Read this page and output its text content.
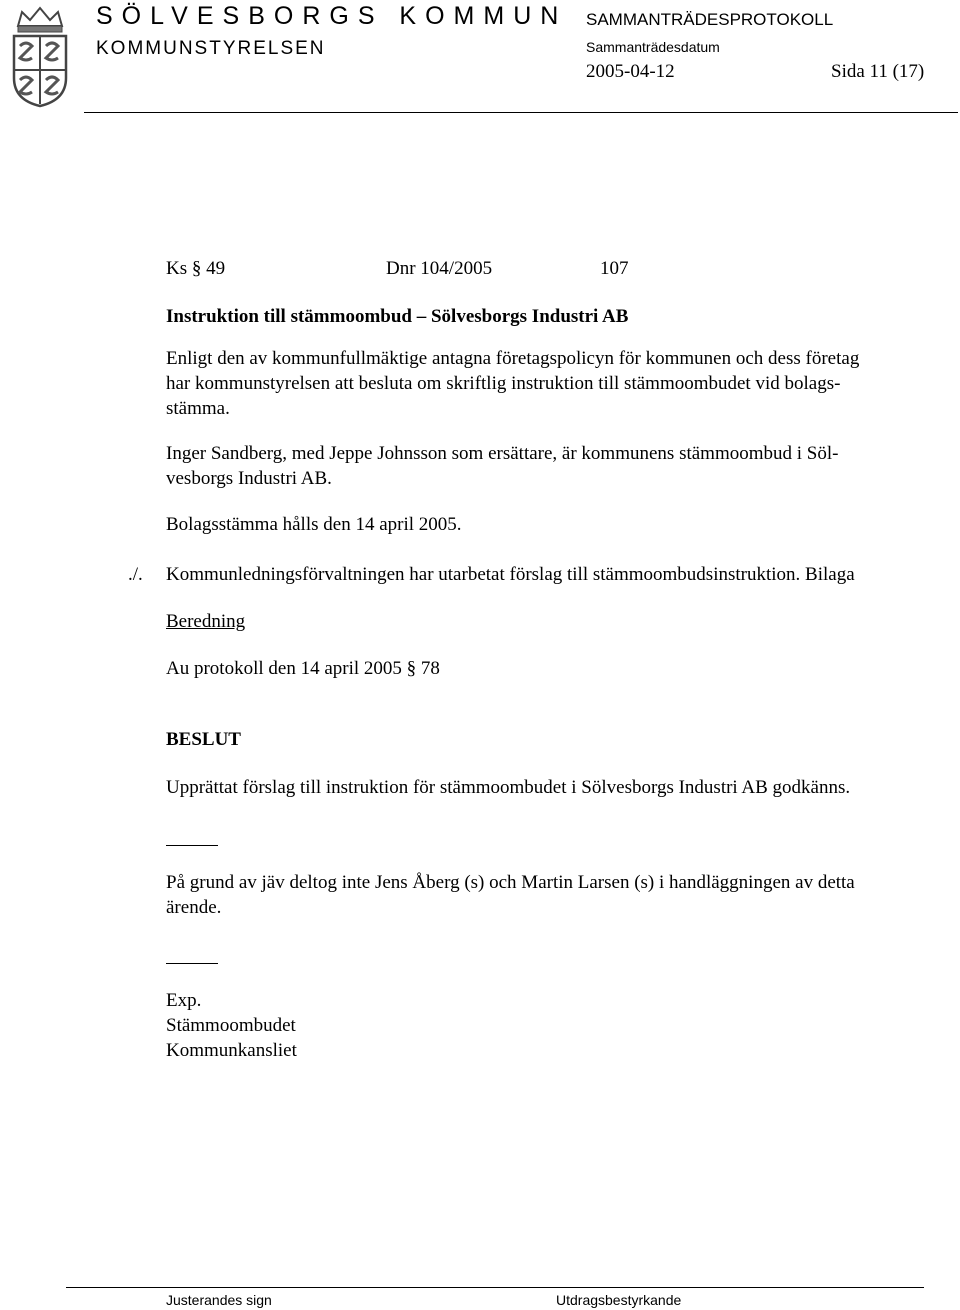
SÖLVESBORGS KOMMUN
KOMMUNSTYRELSEN
SAMMANTRÄDESPROTOKOLL
Sammanträdesdatum
2005-04-12	Sida 11 (17)
Ks § 49	Dnr 104/2005	107
Instruktion till stämmoombud – Sölvesborgs Industri AB
Enligt den av kommunfullmäktige antagna företagspolicyn för kommunen och dess företag
har kommunstyrelsen att besluta om skriftlig instruktion till stämmoombudet vid bolags-
stämma.
Inger Sandberg, med Jeppe Johnsson som ersättare, är kommunens stämmoombud i Söl-
vesborgs Industri AB.
Bolagsstämma hålls den 14 april 2005.
./. Kommunledningsförvaltningen har utarbetat förslag till stämmoombudsinstruktion. Bilaga
Beredning
Au protokoll den 14 april 2005 § 78
BESLUT
Upprättat förslag till instruktion för stämmoombudet i Sölvesborgs Industri AB godkänns.
På grund av jäv deltog inte Jens Åberg (s) och Martin Larsen (s) i handläggningen av detta
ärende.
Exp.
Stämmoombudet
Kommunkansliet
Justerandes sign	Utdragsbestyrkande
